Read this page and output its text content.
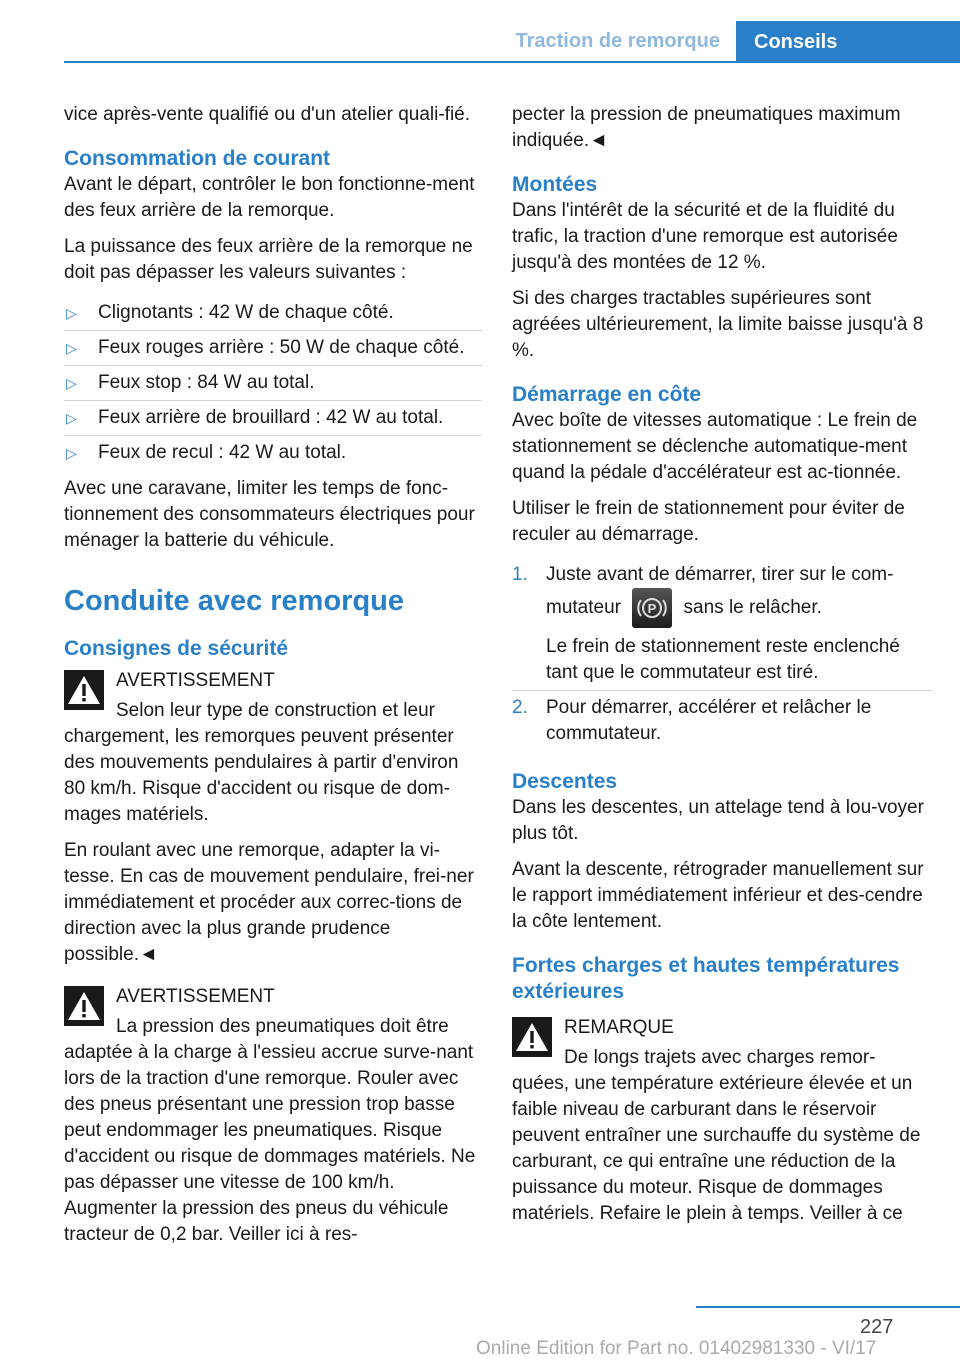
Traction de remorque	Conseils

vice après-vente qualifié ou d'un atelier quali‐fié.

Consommation de courant

Avant le départ, contrôler le bon fonctionne‐ment des feux arrière de la remorque.

La puissance des feux arrière de la remorque ne doit pas dépasser les valeurs suivantes :

▷ Clignotants : 42 W de chaque côté.
▷ Feux rouges arrière : 50 W de chaque côté.
▷ Feux stop : 84 W au total.
▷ Feux arrière de brouillard : 42 W au total.
▷ Feux de recul : 42 W au total.

Avec une caravane, limiter les temps de fonc‐tionnement des consommateurs électriques pour ménager la batterie du véhicule.

Conduite avec remorque
Consignes de sécurité
AVERTISSEMENT
Selon leur type de construction et leur chargement, les remorques peuvent présenter des mouvements pendulaires à partir d'environ 80 km/h. Risque d'accident ou risque de dom‐mages matériels.

En roulant avec une remorque, adapter la vi‐tesse. En cas de mouvement pendulaire, frei‐ner immédiatement et procéder aux correc‐tions de direction avec la plus grande prudence possible.◄

AVERTISSEMENT
La pression des pneumatiques doit être adaptée à la charge à l'essieu accrue surve‐nant lors de la traction d'une remorque. Rouler avec des pneus présentant une pression trop basse peut endommager les pneumatiques. Risque d'accident ou risque de dommages matériels. Ne pas dépasser une vitesse de 100 km/h. Augmenter la pression des pneus du véhicule tracteur de 0,2 bar. Veiller ici à res‐

pecter la pression de pneumatiques maximum indiquée.◄

Montées

Dans l'intérêt de la sécurité et de la fluidité du trafic, la traction d'une remorque est autorisée jusqu'à des montées de 12 %.

Si des charges tractables supérieures sont agréées ultérieurement, la limite baisse jusqu'à 8 %.

Démarrage en côte

Avec boîte de vitesses automatique : Le frein de stationnement se déclenche automatique‐ment quand la pédale d'accélérateur est ac‐tionnée.

Utiliser le frein de stationnement pour éviter de reculer au démarrage.

1. Juste avant de démarrer, tirer sur le com‐mutateur P sans le relâcher.

Le frein de stationnement reste enclenché tant que le commutateur est tiré.

2. Pour démarrer, accélérer et relâcher le commutateur.
Descentes

Dans les descentes, un attelage tend à lou‐voyer plus tôt.

Avant la descente, rétrograder manuellement sur le rapport immédiatement inférieur et des‐cendre la côte lentement.

Fortes charges et hautes températures extérieures
REMARQUE
De longs trajets avec charges remor‐quées, une température extérieure élevée et un faible niveau de carburant dans le réservoir peuvent entraîner une surchauffe du système de carburant, ce qui entraîne une réduction de la puissance du moteur. Risque de dommages matériels. Refaire le plein à temps. Veiller à ce
227
Online Edition for Part no. 01402981330 - VI/17
